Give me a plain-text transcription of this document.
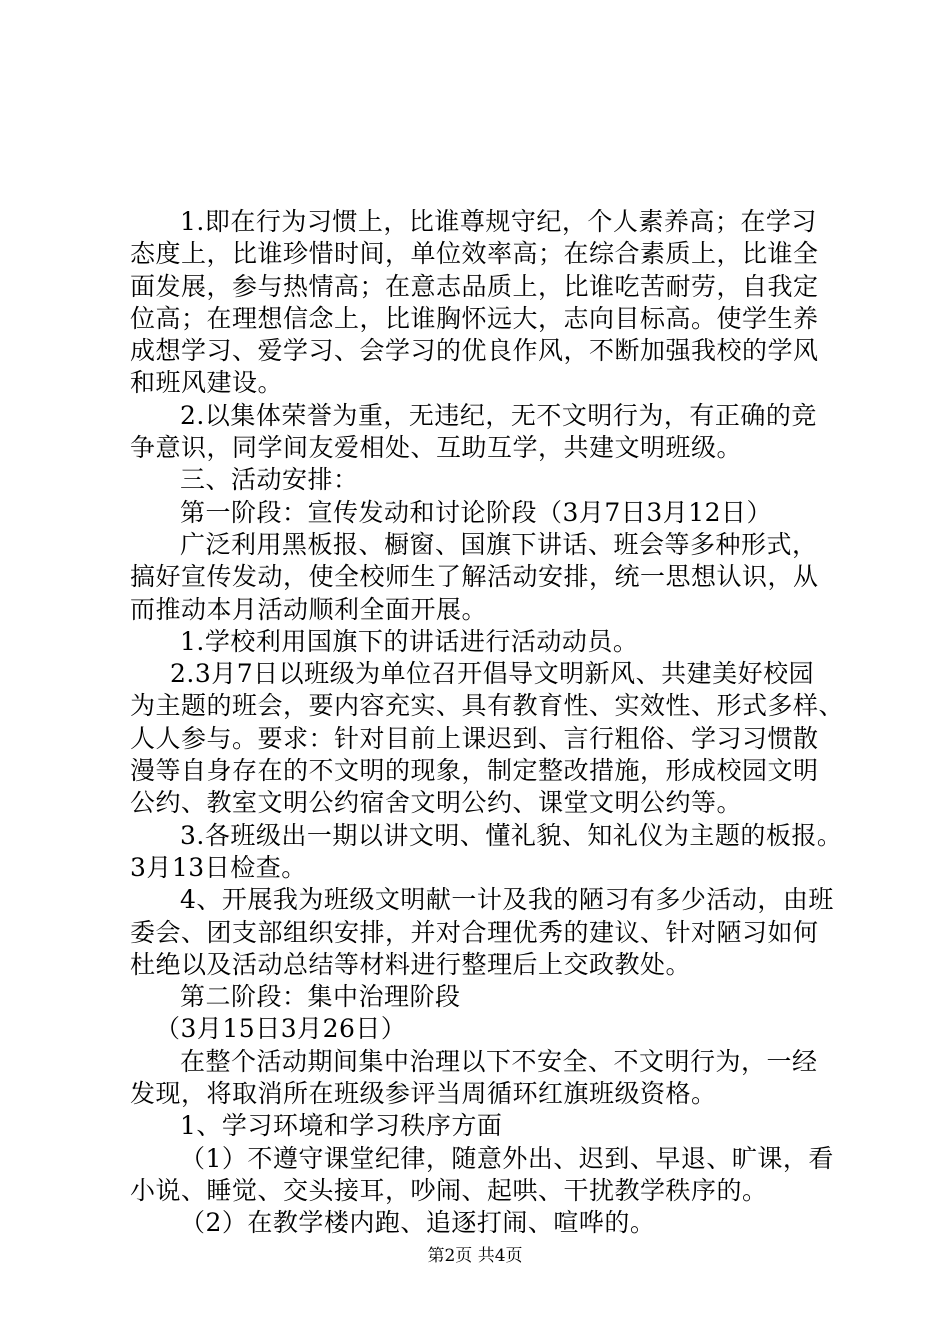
1.即在行为习惯上，比谁尊规守纪，个人素养高；在学习
态度上，比谁珍惜时间，单位效率高；在综合素质上，比谁全
面发展，参与热情高；在意志品质上，比谁吃苦耐劳，自我定
位高；在理想信念上，比谁胸怀远大，志向目标高。使学生养
成想学习、爱学习、会学习的优良作风，不断加强我校的学风
和班风建设。
2.以集体荣誉为重，无违纪，无不文明行为，有正确的竞
争意识，同学间友爱相处、互助互学，共建文明班级。
三、活动安排：
第一阶段：宣传发动和讨论阶段（3月7日3月12日）
广泛利用黑板报、橱窗、国旗下讲话、班会等多种形式，
搞好宣传发动，使全校师生了解活动安排，统一思想认识，从
而推动本月活动顺利全面开展。
1.学校利用国旗下的讲话进行活动动员。
2.3月7日以班级为单位召开倡导文明新风、共建美好校园
为主题的班会，要内容充实、具有教育性、实效性、形式多样、
人人参与。要求：针对目前上课迟到、言行粗俗、学习习惯散
漫等自身存在的不文明的现象，制定整改措施，形成校园文明
公约、教室文明公约宿舍文明公约、课堂文明公约等。
3.各班级出一期以讲文明、懂礼貌、知礼仪为主题的板报。
3月13日检查。
4、开展我为班级文明献一计及我的陋习有多少活动，由班
委会、团支部组织安排，并对合理优秀的建议、针对陋习如何
杜绝以及活动总结等材料进行整理后上交政教处。
第二阶段：集中治理阶段
（3月15日3月26日）
在整个活动期间集中治理以下不安全、不文明行为，一经
发现，将取消所在班级参评当周循环红旗班级资格。
1、学习环境和学习秩序方面
（1）不遵守课堂纪律，随意外出、迟到、早退、旷课，看
小说、睡觉、交头接耳，吵闹、起哄、干扰教学秩序的。
（2）在教学楼内跑、追逐打闹、喧哗的。
第2页 共4页
